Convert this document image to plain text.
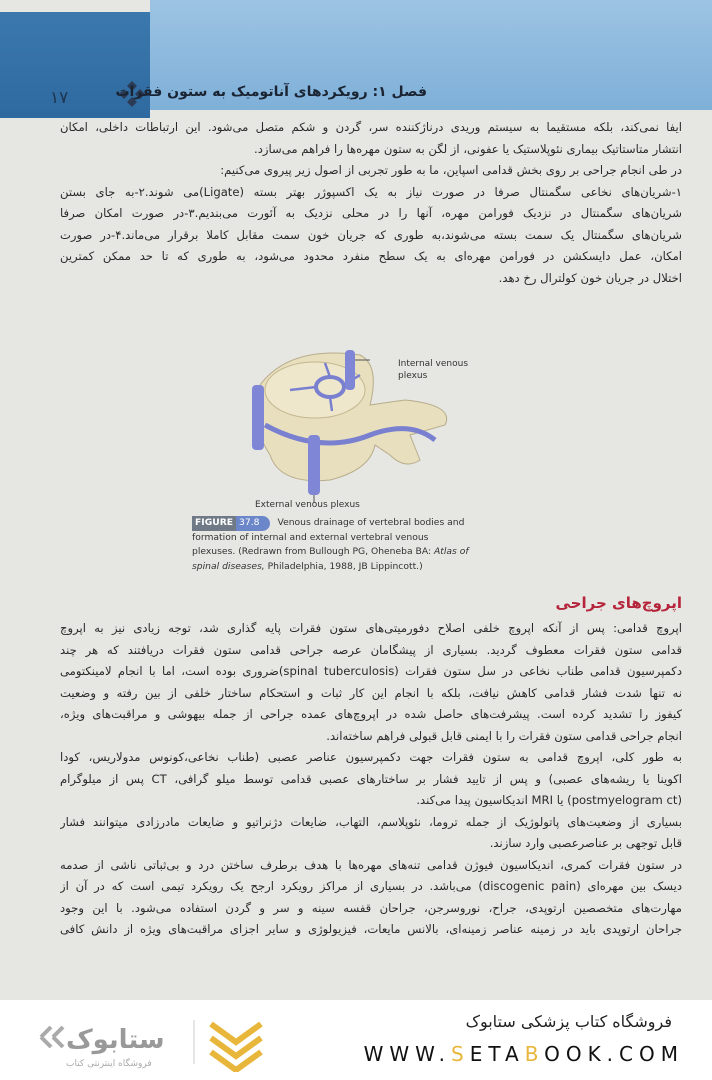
۱۷	فصل ۱: رویکردهای آناتومیک به ستون فقرات
ایفا نمی‌کند، بلکه مستقیما به سیستم وریدی درناژکننده سر، گردن و شکم متصل می‌شود. این ارتباطات داخلی، امکان
انتشار متاستاتیک بیماری نئوپلاستیک یا عفونی، از لگن به ستون مهره‌ها را فراهم می‌سازد.
در طی انجام جراحی بر روی بخش قدامی اسپاین، ما به طور تجربی از اصول زیر پیروی می‌کنیم:
۱-شریان‌های نخاعی سگمنتال صرفا در صورت نیاز به یک اکسپوژر بهتر بسته (Ligate)می شوند.۲-به جای بستن
شریان‌های سگمنتال در نزدیک فورامن مهره، آنها را در محلی نزدیک به آئورت می‌بندیم.۳-در صورت امکان صرفا
شریان‌های سگمنتال یک سمت بسته می‌شوند،به طوری که جریان خون سمت مقابل کاملا برقرار می‌ماند.۴-در صورت
امکان، عمل دایسکشن در فورامن مهره‌ای به یک سطح منفرد محدود می‌شود، به طوری که تا حد ممکن کمترین
اختلال در جریان خون کولترال رخ دهد.
Internal venous plexus
External venous plexus
FIGURE 37.8 Venous drainage of vertebral bodies and formation of internal and external vertebral venous plexuses. (Redrawn from Bullough PG, Oheneba BA: Atlas of spinal diseases, Philadelphia, 1988, JB Lippincott.)
اپروچ‌های جراحی
اپروچ قدامی: پس از آنکه اپروچ خلفی اصلاح دفورمیتی‌های ستون فقرات پایه گذاری شد، توجه زیادی نیز به اپروچ
قدامی ستون فقرات معطوف گردید. بسیاری از پیشگامان عرصه جراحی قدامی ستون فقرات دریافتند که هر چند
دکمپرسیون قدامی طناب نخاعی در سل ستون فقرات (spinal tuberculosis)ضروری بوده است، اما با انجام لامینکتومی
نه تنها شدت فشار قدامی کاهش نیافت، بلکه با انجام این کار ثبات و استحکام ساختار خلفی از بین رفته و وضعیت
کیفوز را تشدید کرده است. پیشرفت‌های حاصل شده در اپروچ‌های عمده جراحی از جمله بیهوشی و مراقبت‌های ویژه،
انجام جراحی قدامی ستون فقرات را با ایمنی قابل قبولی فراهم ساخته‌اند.
به طور کلی، اپروچ قدامی به ستون فقرات جهت دکمپرسیون عناصر عصبی (طناب نخاعی،کونوس مدولاریس، کودا
اکوینا یا ریشه‌های عصبی) و پس از تایید فشار بر ساختارهای عصبی قدامی توسط میلو گرافی، CT پس از میلوگرام
(postmyelogram ct) یا MRI اندیکاسیون پیدا می‌کند.
بسیاری از وضعیت‌های پاتولوژیک از جمله تروما، نئوپلاسم، التهاب، ضایعات دژنراتیو و ضایعات مادرزادی میتوانند فشار
قابل توجهی بر عناصرعصبی وارد سازند.
در ستون فقرات کمری، اندیکاسیون فیوژن قدامی تنه‌های مهره‌ها با هدف برطرف ساختن درد و بی‌ثباتی ناشی از صدمه
دیسک بین مهره‌ای (discogenic pain) می‌باشد. در بسیاری از مراکز رویکرد ارجح یک رویکرد تیمی است که در آن از
مهارت‌های متخصصین ارتوپدی، جراح، نوروسرجن، جراحان قفسه سینه و سر و گردن استفاده می‌شود. با این وجود
جراحان ارتوپدی باید در زمینه عناصر زمینه‌ای، بالانس مایعات، فیزیولوژی و سایر اجزای مراقبت‌های ویژه از دانش کافی
ستابوک
فروشگاه اینترنتی کتاب
فروشگاه کتاب پزشکی ستابوک
WWW.SETABOOK.COM
